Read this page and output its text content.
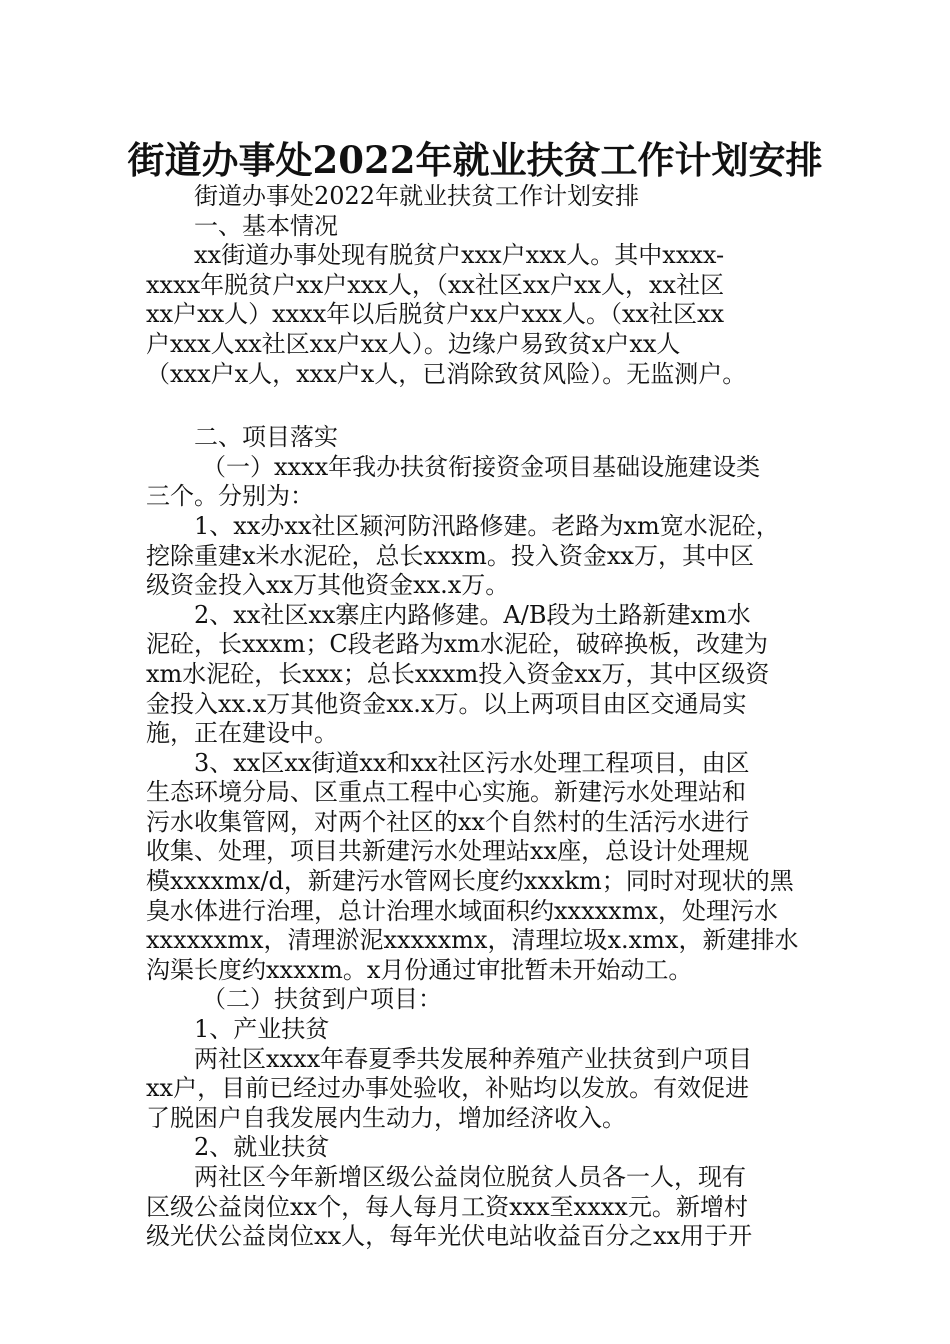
街道办事处2022年就业扶贫工作计划安排
街道办事处2022年就业扶贫工作计划安排
一、基本情况
xx街道办事处现有脱贫户xxx户xxx人。其中xxxx-
xxxx年脱贫户xx户xxx人，（xx社区xx户xx人，xx社区
xx户xx人）xxxx年以后脱贫户xx户xxx人。（xx社区xx
户xxx人xx社区xx户xx人）。边缘户易致贫x户xx人
（xxx户x人，xxx户x人，已消除致贫风险）。无监测户。
二、项目落实
（一）xxxx年我办扶贫衔接资金项目基础设施建设类
三个。分别为：
1、xx办xx社区颍河防汛路修建。老路为xm宽水泥砼，
挖除重建x米水泥砼，总长xxxm。投入资金xx万，其中区
级资金投入xx万其他资金xx.x万。
2、xx社区xx寨庄内路修建。A/B段为土路新建xm水
泥砼，长xxxm；C段老路为xm水泥砼，破碎换板，改建为
xm水泥砼，长xxx；总长xxxm投入资金xx万，其中区级资
金投入xx.x万其他资金xx.x万。以上两项目由区交通局实
施，正在建设中。
3、xx区xx街道xx和xx社区污水处理工程项目，由区
生态环境分局、区重点工程中心实施。新建污水处理站和
污水收集管网，对两个社区的xx个自然村的生活污水进行
收集、处理，项目共新建污水处理站xx座，总设计处理规
模xxxxmx/d，新建污水管网长度约xxxkm；同时对现状的黑
臭水体进行治理，总计治理水域面积约xxxxxmx，处理污水
xxxxxxmx，清理淤泥xxxxxmx，清理垃圾x.xmx，新建排水
沟渠长度约xxxxm。x月份通过审批暂未开始动工。
（二）扶贫到户项目：
1、产业扶贫
两社区xxxx年春夏季共发展种养殖产业扶贫到户项目
xx户，目前已经过办事处验收，补贴均以发放。有效促进
了脱困户自我发展内生动力，增加经济收入。
2、就业扶贫
两社区今年新增区级公益岗位脱贫人员各一人，现有
区级公益岗位xx个，每人每月工资xxx至xxxx元。新增村
级光伏公益岗位xx人，每年光伏电站收益百分之xx用于开
